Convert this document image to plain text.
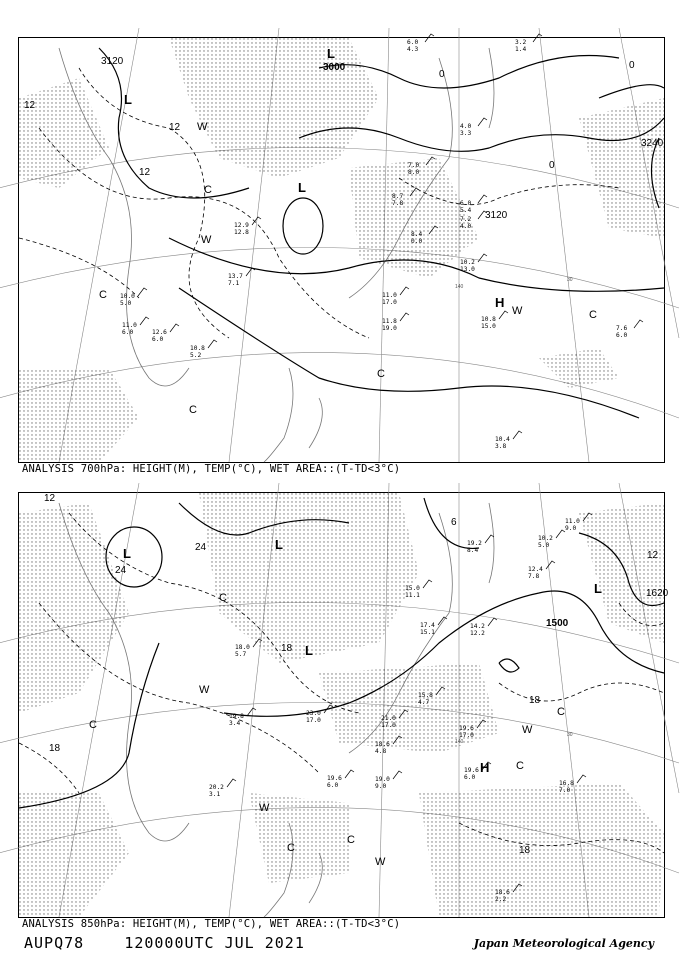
10.8
15.0
11.0
17.0
11.8
19.0	7.6
6.0
10.2
13.0
10.4
3.8
8.4
0.0
7.2
4.0
6.0
5.4
4.0
3.3
8.7
7.8
7.0
8.0
12.9
12.8
13.7
7.1
10.0
5.0
11.0
6.0	12.6
6.0
10.8
5.2
6.0
4.3
3.2
1.4
3120
3000
3240
3120
L
L
L
H
W
W
W
C
C
C
C
C
12
12
12
0
0
0
140
30
ANALYSIS 700hPa: HEIGHT(M), TEMP(°C), WET AREA::(T-TD<3°C)
19.6
6.0
18.6
2.2
16.8
7.0
19.6
17.0
18.6
4.8
19.0
9.0
15.8
4.7
14.2
12.2
17.4
15.1
15.0
11.1
20.2
3.1
19.8
3.4
18.0
5.7
21.0
17.0
23.0
17.0
19.6
6.0
11.0
9.0
10.2
5.0
12.4
7.8
19.2
8.4
1500
1620
L
L
L
L
H
W
W
W
W
C
C
C
C
C
C
12
24
24
18
18
18
18
12
6
140
30
ANALYSIS 850hPa: HEIGHT(M), TEMP(°C), WET AREA::(T-TD<3°C)
AUPQ78	120000UTC JUL 2021	Japan Meteorological Agency
